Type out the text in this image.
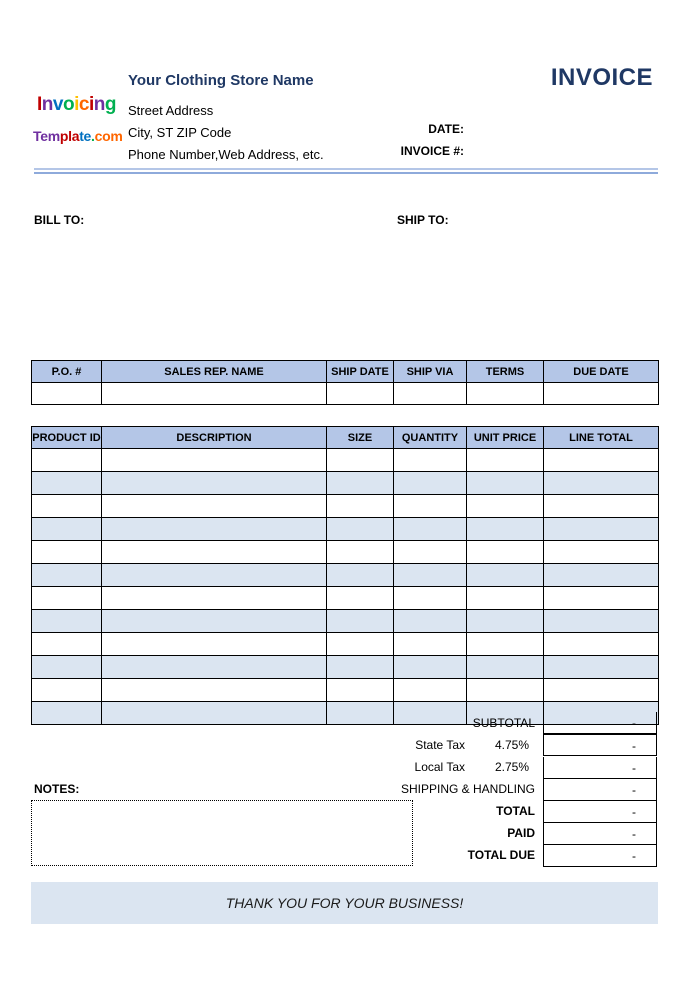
Invoicing
Template.com
Your Clothing Store Name
Street Address
City, ST ZIP Code
Phone Number,Web Address, etc.
INVOICE
DATE:
INVOICE #:
BILL TO:	SHIP TO:
P.O. #	SALES REP. NAME	SHIP DATE	SHIP VIA	TERMS	DUE DATE

PRODUCT ID	DESCRIPTION	SIZE	QUANTITY	UNIT PRICE	LINE TOTAL

SUBTOTAL	-
State Tax 4.75%	-
Local Tax 2.75%	-
NOTES:	SHIPPING & HANDLING	-
TOTAL	-
PAID	-
TOTAL DUE	-
THANK YOU FOR YOUR BUSINESS!
